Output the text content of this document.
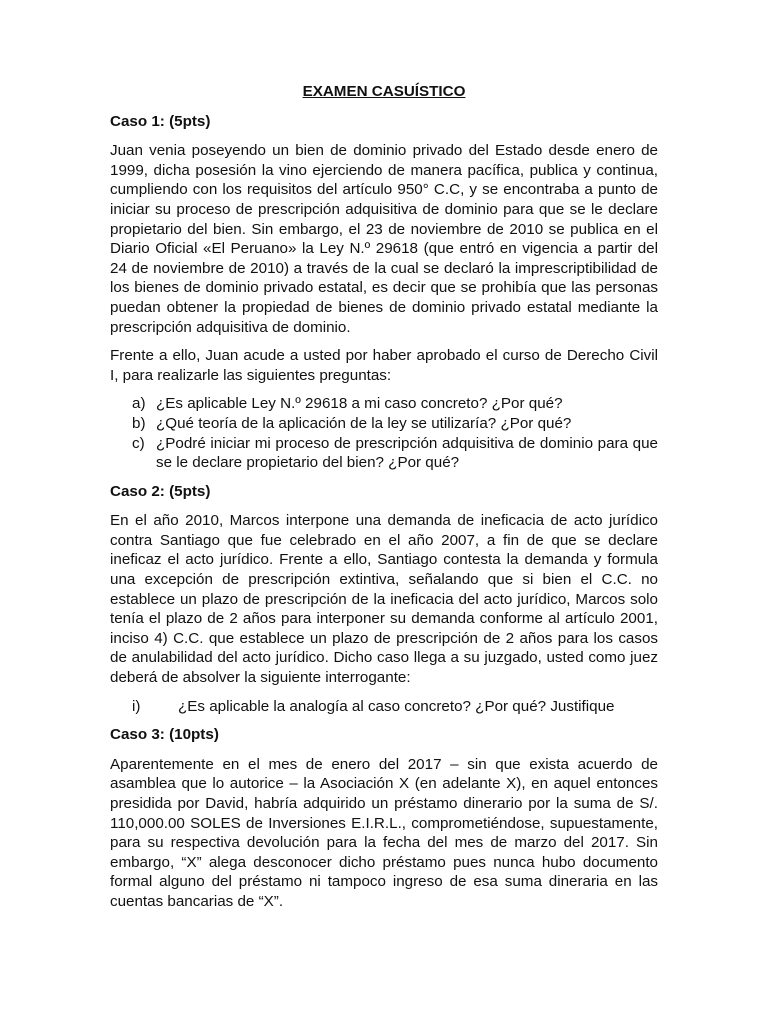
EXAMEN CASUÍSTICO
Caso 1: (5pts)

Juan venia poseyendo un bien de dominio privado del Estado desde enero de 1999, dicha posesión la vino ejerciendo de manera pacífica, publica y continua, cumpliendo con los requisitos del artículo 950° C.C, y se encontraba a punto de iniciar su proceso de prescripción adquisitiva de dominio para que se le declare propietario del bien. Sin embargo, el 23 de noviembre de 2010 se publica en el Diario Oficial «El Peruano» la Ley N.º 29618 (que entró en vigencia a partir del 24 de noviembre de 2010) a través de la cual se declaró la imprescriptibilidad de los bienes de dominio privado estatal, es decir que se prohibía que las personas puedan obtener la propiedad de bienes de dominio privado estatal mediante la prescripción adquisitiva de dominio.

Frente a ello, Juan acude a usted por haber aprobado el curso de Derecho Civil I, para realizarle las siguientes preguntas:

a) ¿Es aplicable Ley N.º 29618 a mi caso concreto? ¿Por qué?
b) ¿Qué teoría de la aplicación de la ley se utilizaría? ¿Por qué?
c) ¿Podré iniciar mi proceso de prescripción adquisitiva de dominio para que se le declare propietario del bien? ¿Por qué?
Caso 2: (5pts)

En el año 2010, Marcos interpone una demanda de ineficacia de acto jurídico contra Santiago que fue celebrado en el año 2007, a fin de que se declare ineficaz el acto jurídico. Frente a ello, Santiago contesta la demanda y formula una excepción de prescripción extintiva, señalando que si bien el C.C. no establece un plazo de prescripción de la ineficacia del acto jurídico, Marcos solo tenía el plazo de 2 años para interponer su demanda conforme al artículo 2001, inciso 4) C.C. que establece un plazo de prescripción de 2 años para los casos de anulabilidad del acto jurídico. Dicho caso llega a su juzgado, usted como juez deberá de absolver la siguiente interrogante:

i) ¿Es aplicable la analogía al caso concreto? ¿Por qué? Justifique
Caso 3: (10pts)

Aparentemente en el mes de enero del 2017 – sin que exista acuerdo de asamblea que lo autorice – la Asociación X (en adelante X), en aquel entonces presidida por David, habría adquirido un préstamo dinerario por la suma de S/. 110,000.00 SOLES de Inversiones E.I.R.L., comprometiéndose, supuestamente, para su respectiva devolución para la fecha del mes de marzo del 2017. Sin embargo, “X” alega desconocer dicho préstamo pues nunca hubo documento formal alguno del préstamo ni tampoco ingreso de esa suma dineraria en las cuentas bancarias de “X”.
